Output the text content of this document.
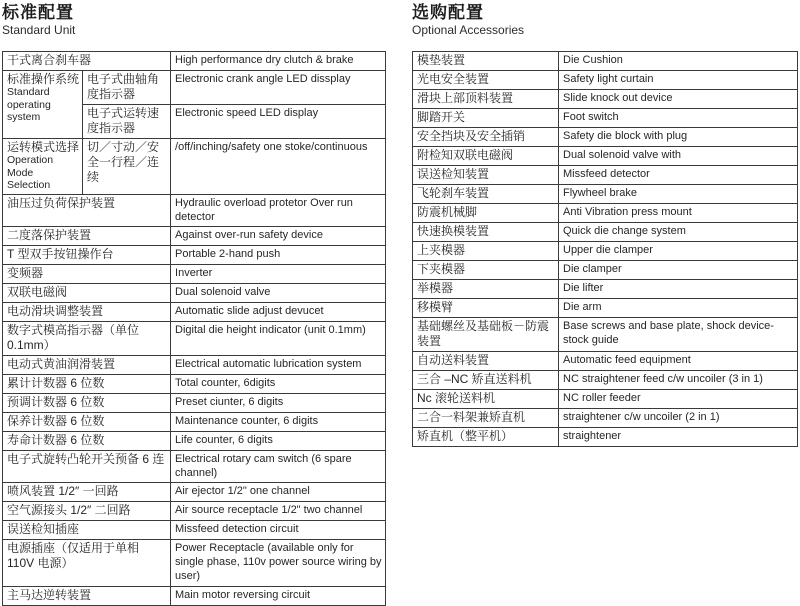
标准配置
Standard Unit
干式离合刹车器		High performance dry clutch & brake

标准操作系统
Standard operating system	电子式曲轴角度指示器	Electronic crank angle LED dissplay
	电子式运转速度指示器	Electronic speed LED display

运转模式选择
Operation Mode Selection	切／寸动／安全一行程／连续	/off/inching/safety one stoke/continuous
油压过负荷保护装置		Hydraulic overload protetor Over run detector
二度落保护装置		Against over-run safety device
T 型双手按钮操作台		Portable 2-hand push
变频器		Inverter
双联电磁阀		Dual solenoid valve
电动滑块调整装置		Automatic slide adjust devucet
数字式模高指示器（单位 0.1mm）		Digital die height indicator (unit 0.1mm)
电动式黄油润滑装置		Electrical automatic lubrication system
累计计数器 6 位数		Total counter, 6digits
预调计数器 6 位数		Preset ciunter, 6 digits
保养计数器 6 位数		Maintenance counter, 6 digits
寿命计数器 6 位数		Life counter, 6 digits
电子式旋转凸轮开关预备 6 连		Electrical rotary cam switch (6 spare channel)
喷风装置 1/2″ 一回路		Air ejector 1/2" one channel
空气源接头 1/2″ 二回路		Air source receptacle 1/2" two channel
误送检知插座		Missfeed detection circuit
电源插座（仅适用于单相 110V 电源）		Power Receptacle (available only for single phase, 110v power source wiring by user)
主马达逆转装置		Main motor reversing circuit
选购配置
Optional Accessories
模垫装置	Die Cushion
光电安全装置	Safety light curtain
滑块上部顶料装置	Slide knock out device
脚踏开关	Foot switch
安全挡块及安全插销	Safety die block with plug
附检知双联电磁阀	Dual solenoid valve with
误送检知装置	Missfeed detector
飞轮刹车装置	Flywheel brake
防震机械脚	Anti Vibration press mount
快速换模装置	Quick die change system
上夹模器	Upper die clamper
下夹模器	Die clamper
举模器	Die lifter
移模臂	Die arm
基础螺丝及基础板－防震装置	Base screws and base plate, shock device-stock guide
自动送料装置	Automatic feed equipment
三合 –NC 矫直送料机	NC straightener feed c/w uncoiler (3 in 1)
Nc 滚轮送料机	NC roller feeder
二合一料架兼矫直机	straightener c/w uncoiler (2 in 1)
矫直机（整平机）	straightener
